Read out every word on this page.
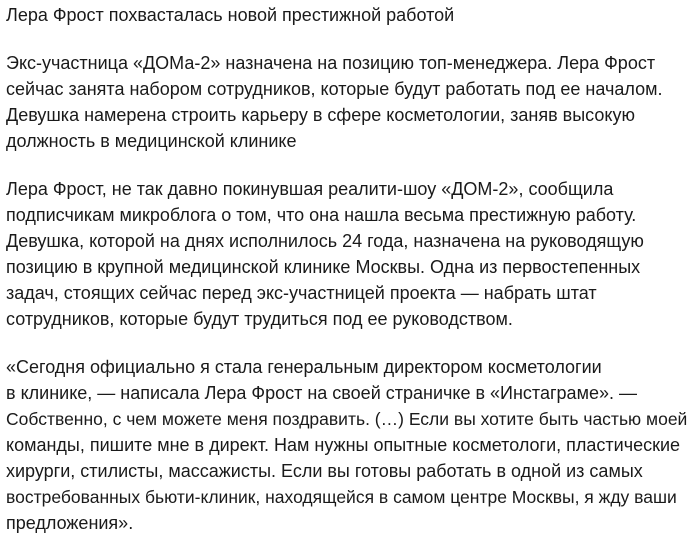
Лера Фрост похвасталась новой престижной работой
Экс-участница «ДОМа-2» назначена на позицию топ-менеджера. Лера Фрост
сейчас занята набором сотрудников, которые будут работать под ее началом.
Девушка намерена строить карьеру в сфере косметологии, заняв высокую
должность в медицинской клинике
Лера Фрост, не так давно покинувшая реалити-шоу «ДОМ-2», сообщила
подписчикам микроблога о том, что она нашла весьма престижную работу.
Девушка, которой на днях исполнилось 24 года, назначена на руководящую
позицию в крупной медицинской клинике Москвы. Одна из первостепенных
задач, стоящих сейчас перед экс-участницей проекта — набрать штат
сотрудников, которые будут трудиться под ее руководством.
«Сегодня официально я стала генеральным директором косметологии
в клинике, — написала Лера Фрост на своей страничке в «Инстаграме». —
Собственно, с чем можете меня поздравить. (…) Если вы хотите быть частью моей
команды, пишите мне в директ. Нам нужны опытные косметологи, пластические
хирурги, стилисты, массажисты. Если вы готовы работать в одной из самых
востребованных бьюти-клиник, находящейся в самом центре Москвы, я жду ваши
предложения».
